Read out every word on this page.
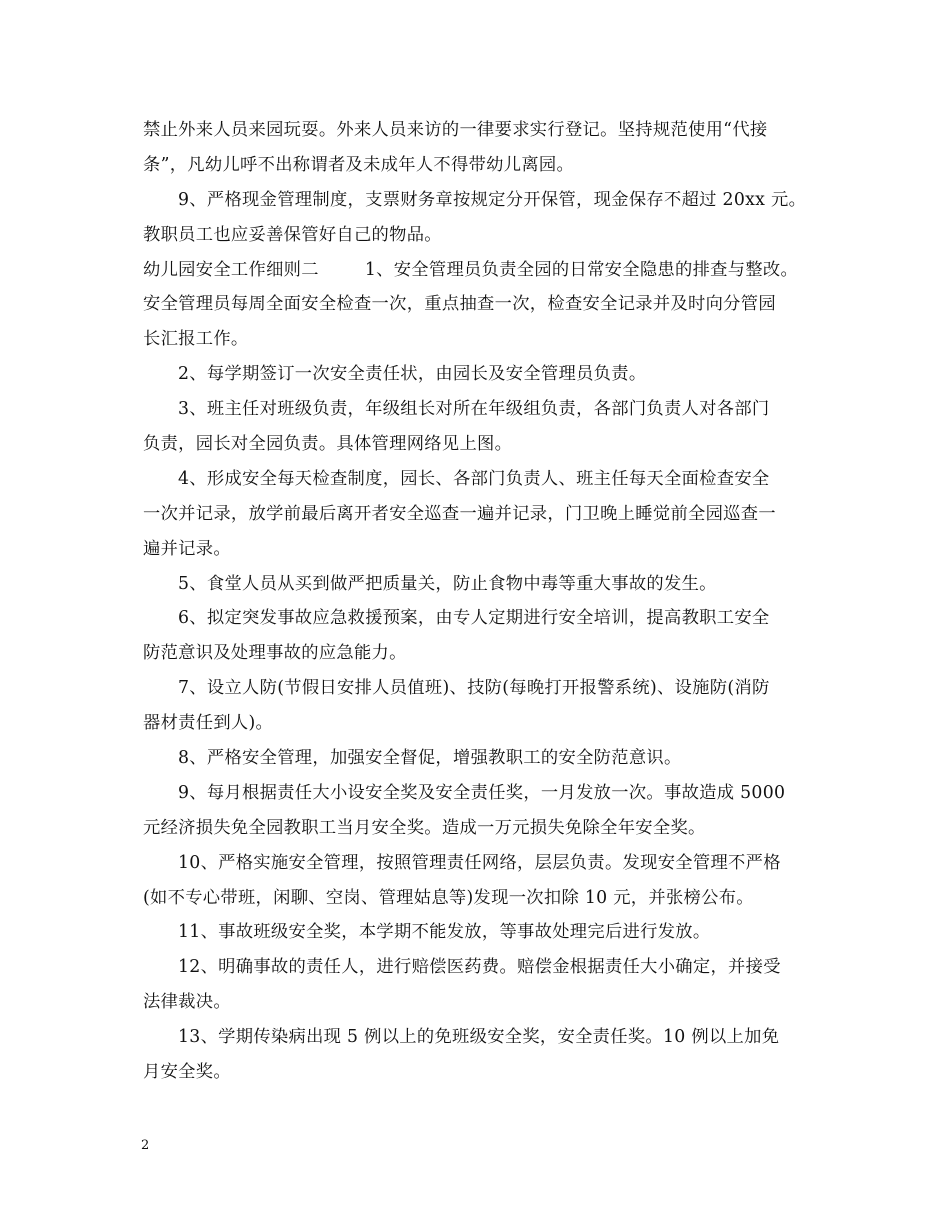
禁止外来人员来园玩耍。外来人员来访的一律要求实行登记。坚持规范使用“代接
条”，凡幼儿呼不出称谓者及未成年人不得带幼儿离园。
9、严格现金管理制度，支票财务章按规定分开保管，现金保存不超过 20xx 元。
教职员工也应妥善保管好自己的物品。
幼儿园安全工作细则二	1、安全管理员负责全园的日常安全隐患的排查与整改。
安全管理员每周全面安全检查一次，重点抽查一次，检查安全记录并及时向分管园
长汇报工作。
2、每学期签订一次安全责任状，由园长及安全管理员负责。
3、班主任对班级负责，年级组长对所在年级组负责，各部门负责人对各部门
负责，园长对全园负责。具体管理网络见上图。
4、形成安全每天检查制度，园长、各部门负责人、班主任每天全面检查安全
一次并记录，放学前最后离开者安全巡查一遍并记录，门卫晚上睡觉前全园巡查一
遍并记录。
5、食堂人员从买到做严把质量关，防止食物中毒等重大事故的发生。
6、拟定突发事故应急救援预案，由专人定期进行安全培训，提高教职工安全
防范意识及处理事故的应急能力。
7、设立人防(节假日安排人员值班)、技防(每晚打开报警系统)、设施防(消防
器材责任到人)。
8、严格安全管理，加强安全督促，增强教职工的安全防范意识。
9、每月根据责任大小设安全奖及安全责任奖，一月发放一次。事故造成 5000
元经济损失免全园教职工当月安全奖。造成一万元损失免除全年安全奖。
10、严格实施安全管理，按照管理责任网络，层层负责。发现安全管理不严格
(如不专心带班，闲聊、空岗、管理姑息等)发现一次扣除 10 元，并张榜公布。
11、事故班级安全奖，本学期不能发放，等事故处理完后进行发放。
12、明确事故的责任人，进行赔偿医药费。赔偿金根据责任大小确定，并接受
法律裁决。
13、学期传染病出现 5 例以上的免班级安全奖，安全责任奖。10 例以上加免
月安全奖。
2
